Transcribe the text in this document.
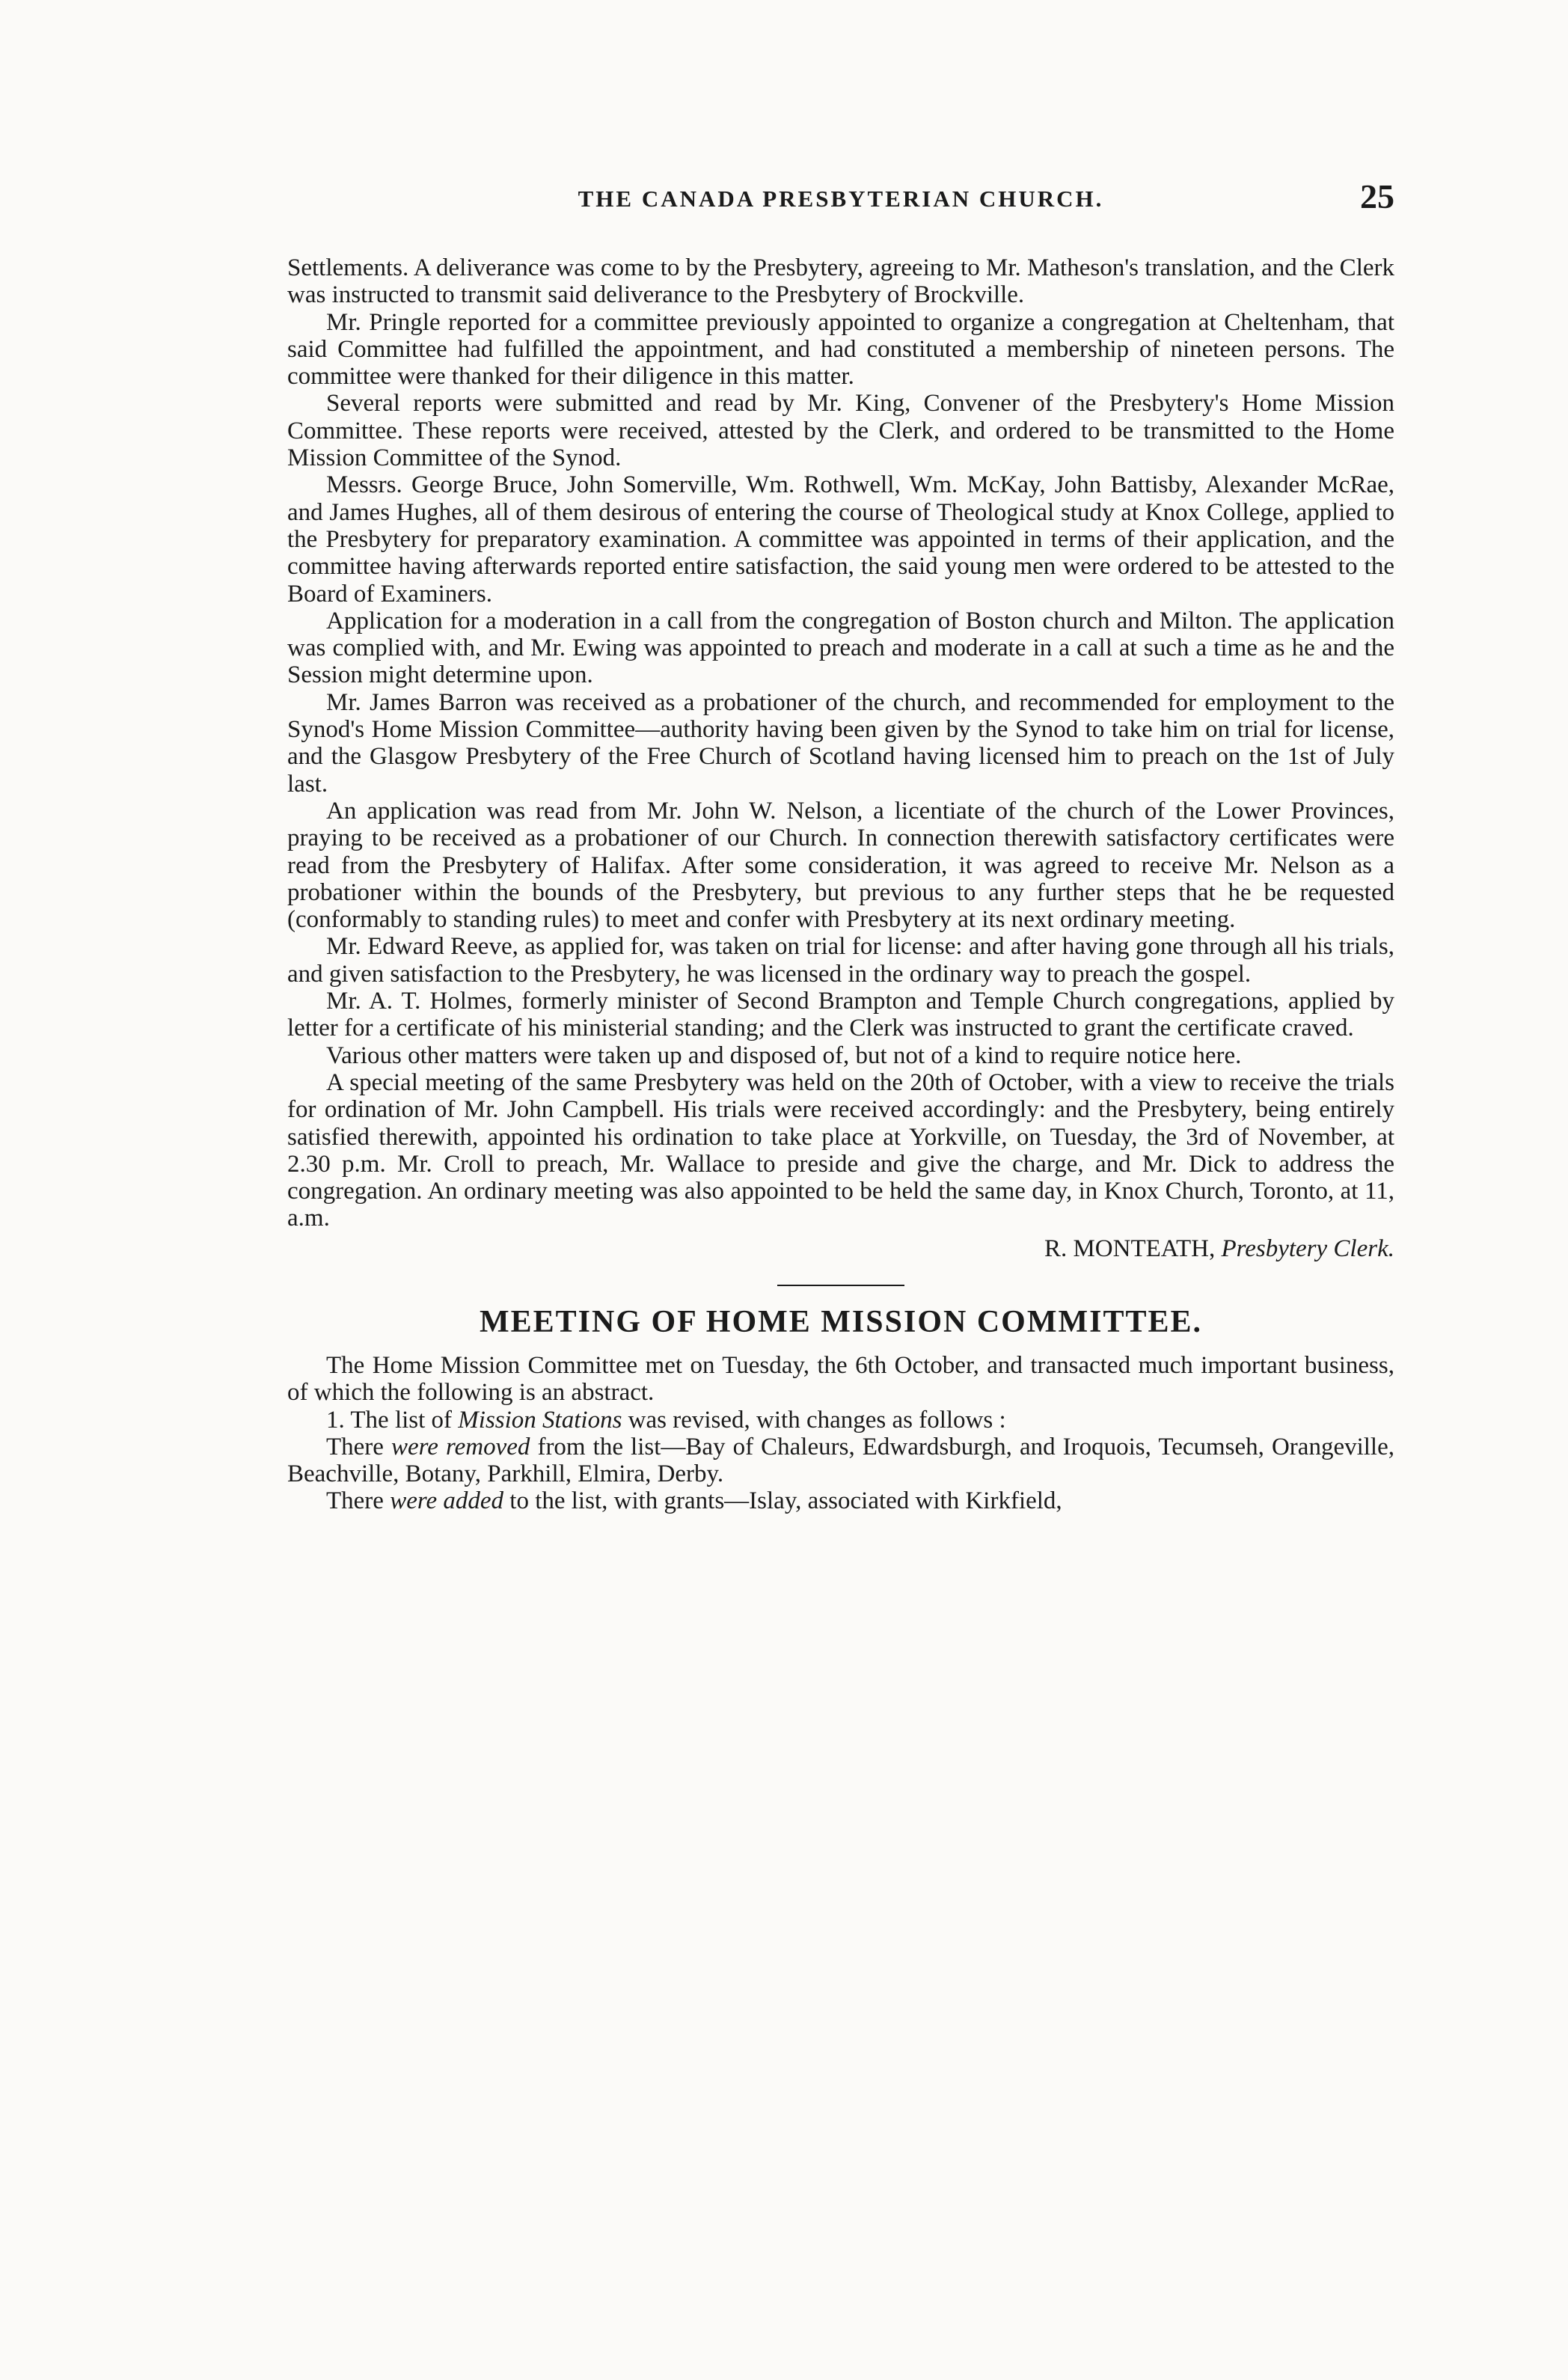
THE CANADA PRESBYTERIAN CHURCH.	25

Settlements. A deliverance was come to by the Presbytery, agreeing to Mr. Matheson's translation, and the Clerk was instructed to transmit said deliverance to the Presbytery of Brockville.

Mr. Pringle reported for a committee previously appointed to organize a congregation at Cheltenham, that said Committee had fulfilled the appointment, and had constituted a membership of nineteen persons. The committee were thanked for their diligence in this matter.

Several reports were submitted and read by Mr. King, Convener of the Presbytery's Home Mission Committee. These reports were received, attested by the Clerk, and ordered to be transmitted to the Home Mission Committee of the Synod.

Messrs. George Bruce, John Somerville, Wm. Rothwell, Wm. McKay, John Battisby, Alexander McRae, and James Hughes, all of them desirous of entering the course of Theological study at Knox College, applied to the Presbytery for preparatory examination. A committee was appointed in terms of their application, and the committee having afterwards reported entire satisfaction, the said young men were ordered to be attested to the Board of Examiners.

Application for a moderation in a call from the congregation of Boston church and Milton. The application was complied with, and Mr. Ewing was appointed to preach and moderate in a call at such a time as he and the Session might determine upon.

Mr. James Barron was received as a probationer of the church, and recommended for employment to the Synod's Home Mission Committee—authority having been given by the Synod to take him on trial for license, and the Glasgow Presbytery of the Free Church of Scotland having licensed him to preach on the 1st of July last.

An application was read from Mr. John W. Nelson, a licentiate of the church of the Lower Provinces, praying to be received as a probationer of our Church. In connection therewith satisfactory certificates were read from the Presbytery of Halifax. After some consideration, it was agreed to receive Mr. Nelson as a probationer within the bounds of the Presbytery, but previous to any further steps that he be requested (conformably to standing rules) to meet and confer with Presbytery at its next ordinary meeting.

Mr. Edward Reeve, as applied for, was taken on trial for license: and after having gone through all his trials, and given satisfaction to the Presbytery, he was licensed in the ordinary way to preach the gospel.

Mr. A. T. Holmes, formerly minister of Second Brampton and Temple Church congregations, applied by letter for a certificate of his ministerial standing; and the Clerk was instructed to grant the certificate craved.

Various other matters were taken up and disposed of, but not of a kind to require notice here.

A special meeting of the same Presbytery was held on the 20th of October, with a view to receive the trials for ordination of Mr. John Campbell. His trials were received accordingly: and the Presbytery, being entirely satisfied therewith, appointed his ordination to take place at Yorkville, on Tuesday, the 3rd of November, at 2.30 p.m. Mr. Croll to preach, Mr. Wallace to preside and give the charge, and Mr. Dick to address the congregation. An ordinary meeting was also appointed to be held the same day, in Knox Church, Toronto, at 11, a.m.

R. MONTEATH, Presbytery Clerk.
MEETING OF HOME MISSION COMMITTEE.

The Home Mission Committee met on Tuesday, the 6th October, and transacted much important business, of which the following is an abstract.

1. The list of Mission Stations was revised, with changes as follows :

There were removed from the list—Bay of Chaleurs, Edwardsburgh, and Iroquois, Tecumseh, Orangeville, Beachville, Botany, Parkhill, Elmira, Derby.

There were added to the list, with grants—Islay, associated with Kirkfield,
